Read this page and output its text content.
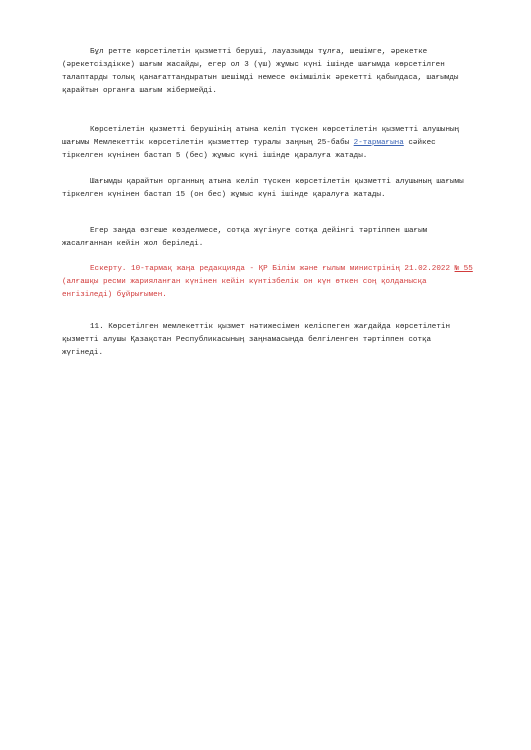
Бұл ретте көрсетілетін қызметті беруші, лауазымды тұлға, шешімге, әрекетке (әрекетсіздікке) шағым жасайды, егер ол 3 (үш) жұмыс күні ішінде шағымда көрсетілген талаптарды толық қанағаттандыратын шешімді немесе өкімшілік әрекетті қабылдаса, шағымды қарайтын органға шағым жібермейді.

Көрсетілетін қызметті берушінің атына келіп түскен көрсетілетін қызметті алушының шағымы Мемлекеттік көрсетілетін қызметтер туралы заңның 25-бабы 2-тармағына сәйкес тіркелген күнінен бастап 5 (бес) жұмыс күні ішінде қаралуға жатады.

Шағымды қарайтын органның атына келіп түскен көрсетілетін қызметті алушының шағымы тіркелген күнінен бастап 15 (он бес) жұмыс күні ішінде қаралуға жатады.

Егер заңда өзгеше көзделмесе, сотқа жүгінуге сотқа дейінгі тәртіппен шағым жасалғаннан кейін жол беріледі.

Ескерту. 10-тармақ жаңа редакцияда - ҚР Білім және ғылым министрінің 21.02.2022 № 55 (алғашқы ресми жарияланған күнінен кейін күнтізбелік он күн өткен соң қолданысқа енгізіледі) бұйрығымен.

11. Көрсетілген мемлекеттік қызмет нәтижесімен келіспеген жағдайда көрсетілетін қызметті алушы Қазақстан Республикасының заңнамасында белгіленген тәртіппен сотқа жүгінеді.
